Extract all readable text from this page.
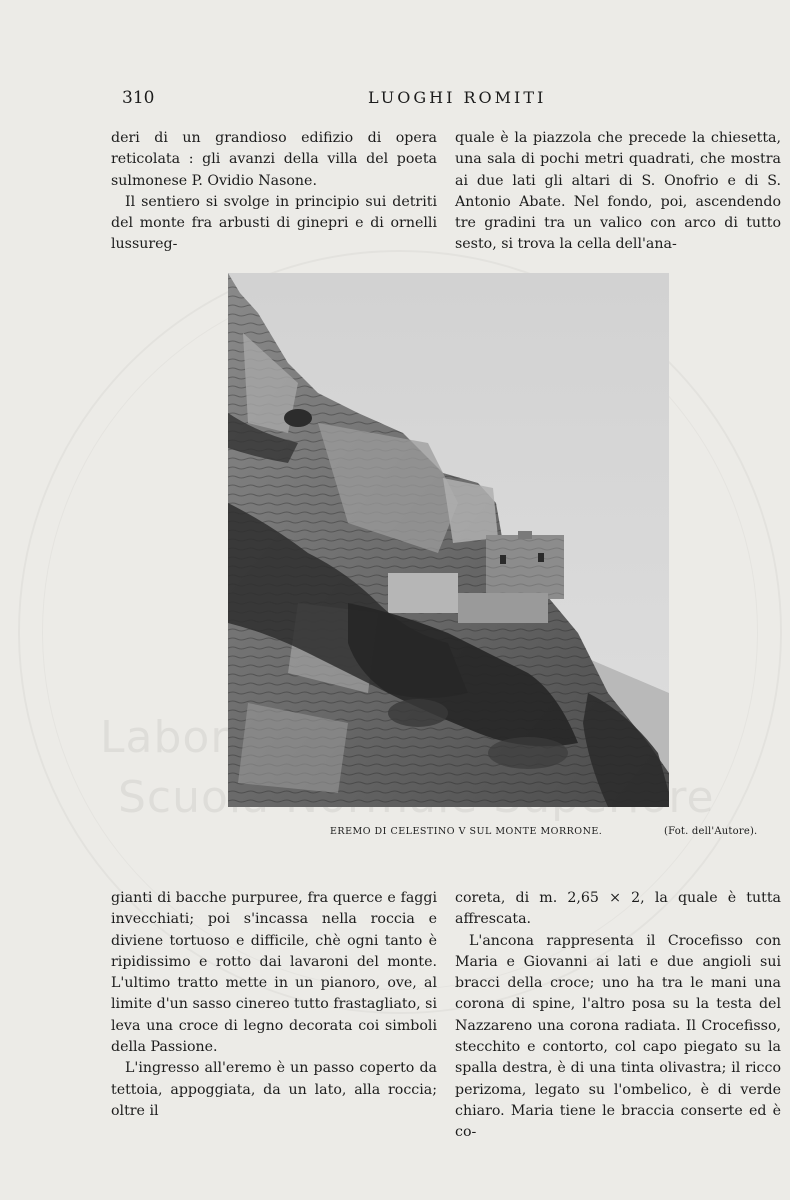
Scuola
310	LUOGHI ROMITI

deri di un grandioso edifizio di opera reticolata : gli avanzi della villa del poeta sulmonese P. Ovidio Nasone.

Il sentiero si svolge in principio sui detriti del monte fra arbusti di ginepri e di ornelli lussureg-

quale è la piazzola che precede la chiesetta, una sala di pochi metri quadrati, che mostra ai due lati gli altari di S. Onofrio e di S. Antonio Abate. Nel fondo, poi, ascendendo tre gradini tra un valico con arco di tutto sesto, si trova la cella dell'ana-

EREMO DI CELESTINO V SUL MONTE MORRONE.	(Fot. dell'Autore).

gianti di bacche purpuree, fra querce e faggi invecchiati; poi s'incassa nella roccia e diviene tortuoso e difficile, chè ogni tanto è ripidissimo e rotto dai lavaroni del monte. L'ultimo tratto mette in un pianoro, ove, al limite d'un sasso cinereo tutto frastagliato, si leva una croce di legno decorata coi simboli della Passione.

L'ingresso all'eremo è un passo coperto da tettoia, appoggiata, da un lato, alla roccia; oltre il

coreta, di m. 2,65 × 2, la quale è tutta affrescata.

L'ancona rappresenta il Crocefisso con Maria e Giovanni ai lati e due angioli sui bracci della croce; uno ha tra le mani una corona di spine, l'altro posa su la testa del Nazzareno una corona radiata. Il Crocefisso, stecchito e contorto, col capo piegato su la spalla destra, è di una tinta olivastra; il ricco perizoma, legato su l'ombelico, è di verde chiaro. Maria tiene le braccia conserte ed è co-
